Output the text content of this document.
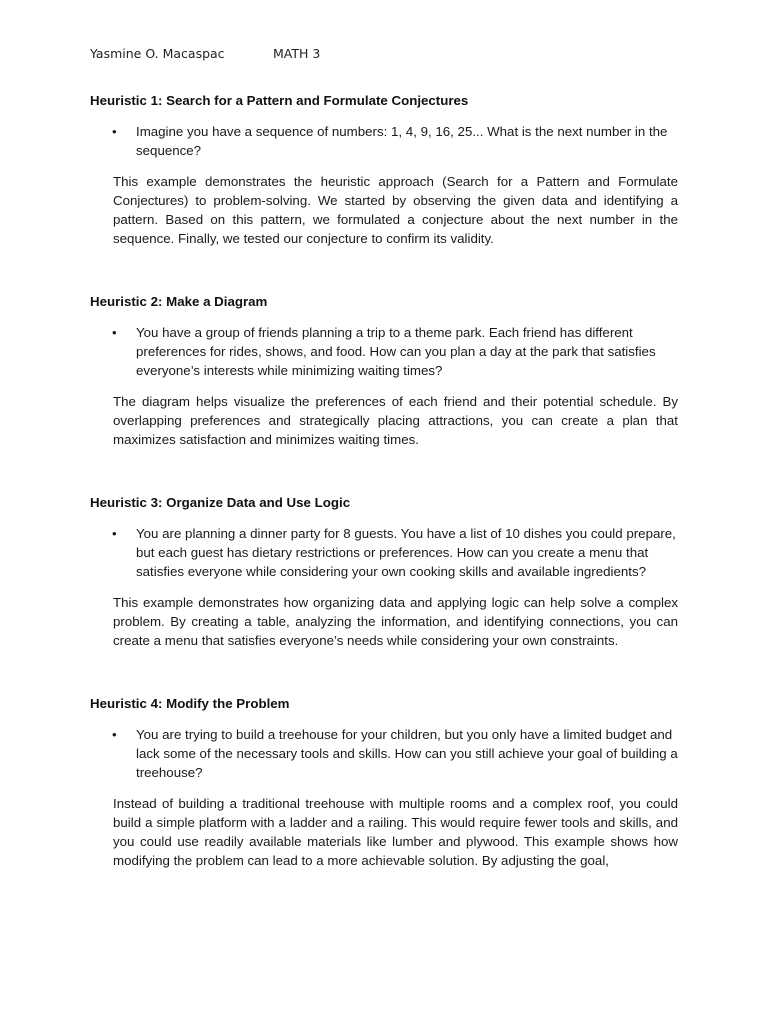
Yasmine O. Macaspac	MATH 3

Heuristic 1: Search for a Pattern and Formulate Conjectures

• Imagine you have a sequence of numbers: 1, 4, 9, 16, 25... What is the next number in the sequence?

This example demonstrates the heuristic approach (Search for a Pattern and Formulate Conjectures) to problem-solving. We started by observing the given data and identifying a pattern. Based on this pattern, we formulated a conjecture about the next number in the sequence. Finally, we tested our conjecture to confirm its validity.

Heuristic 2: Make a Diagram

• You have a group of friends planning a trip to a theme park. Each friend has different preferences for rides, shows, and food. How can you plan a day at the park that satisfies everyone’s interests while minimizing waiting times?

The diagram helps visualize the preferences of each friend and their potential schedule. By overlapping preferences and strategically placing attractions, you can create a plan that maximizes satisfaction and minimizes waiting times.

Heuristic 3: Organize Data and Use Logic

• You are planning a dinner party for 8 guests. You have a list of 10 dishes you could prepare, but each guest has dietary restrictions or preferences. How can you create a menu that satisfies everyone while considering your own cooking skills and available ingredients?

This example demonstrates how organizing data and applying logic can help solve a complex problem. By creating a table, analyzing the information, and identifying connections, you can create a menu that satisfies everyone’s needs while considering your own constraints.

Heuristic 4: Modify the Problem

• You are trying to build a treehouse for your children, but you only have a limited budget and lack some of the necessary tools and skills. How can you still achieve your goal of building a treehouse?

Instead of building a traditional treehouse with multiple rooms and a complex roof, you could build a simple platform with a ladder and a railing. This would require fewer tools and skills, and you could use readily available materials like lumber and plywood. This example shows how modifying the problem can lead to a more achievable solution. By adjusting the goal,
